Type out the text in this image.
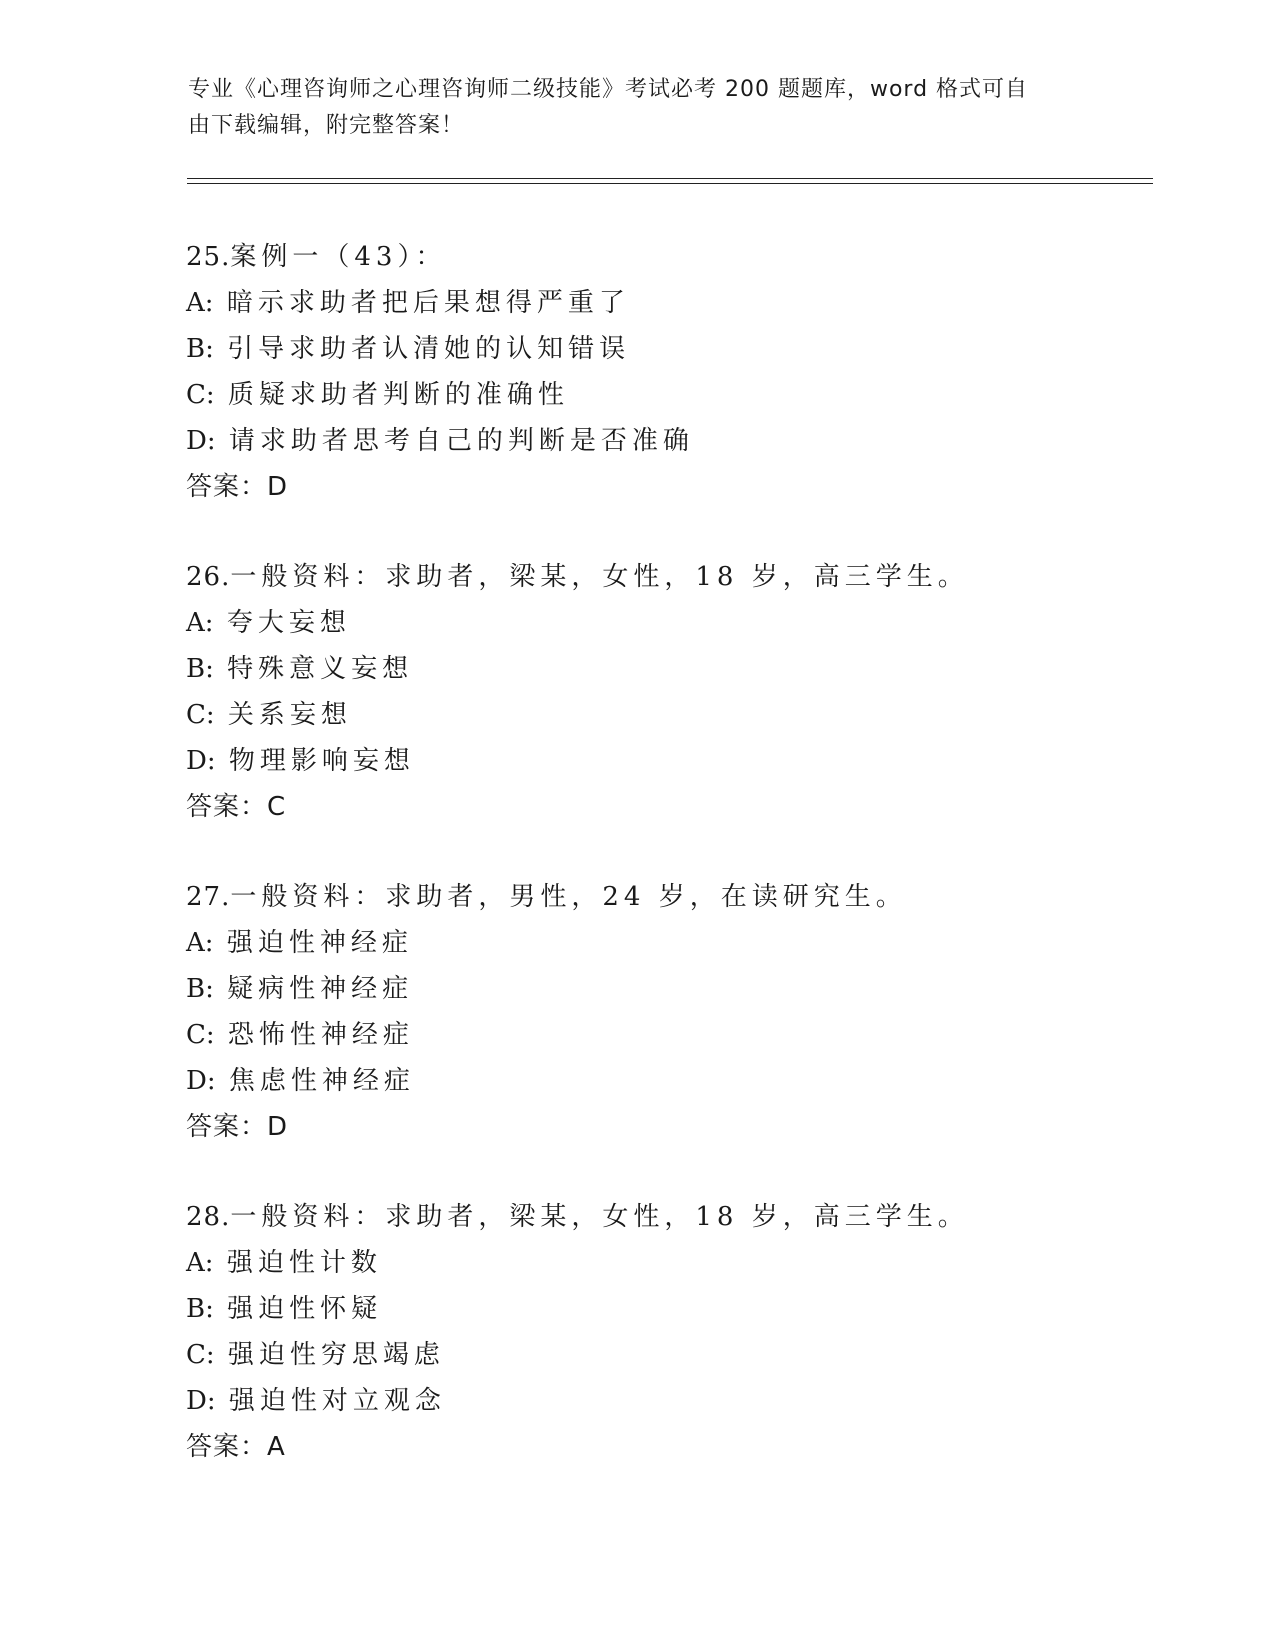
专业《心理咨询师之心理咨询师二级技能》考试必考 200 题题库，word 格式可自
由下载编辑，附完整答案！
25.案例一（43）：
A: 暗示求助者把后果想得严重了
B: 引导求助者认清她的认知错误
C: 质疑求助者判断的准确性
D: 请求助者思考自己的判断是否准确
答案：D
26.一般资料：求助者，梁某，女性，18 岁，高三学生。
A: 夸大妄想
B: 特殊意义妄想
C: 关系妄想
D: 物理影响妄想
答案：C
27.一般资料：求助者，男性，24 岁，在读研究生。
A: 强迫性神经症
B: 疑病性神经症
C: 恐怖性神经症
D: 焦虑性神经症
答案：D
28.一般资料：求助者，梁某，女性，18 岁，高三学生。
A: 强迫性计数
B: 强迫性怀疑
C: 强迫性穷思竭虑
D: 强迫性对立观念
答案：A
